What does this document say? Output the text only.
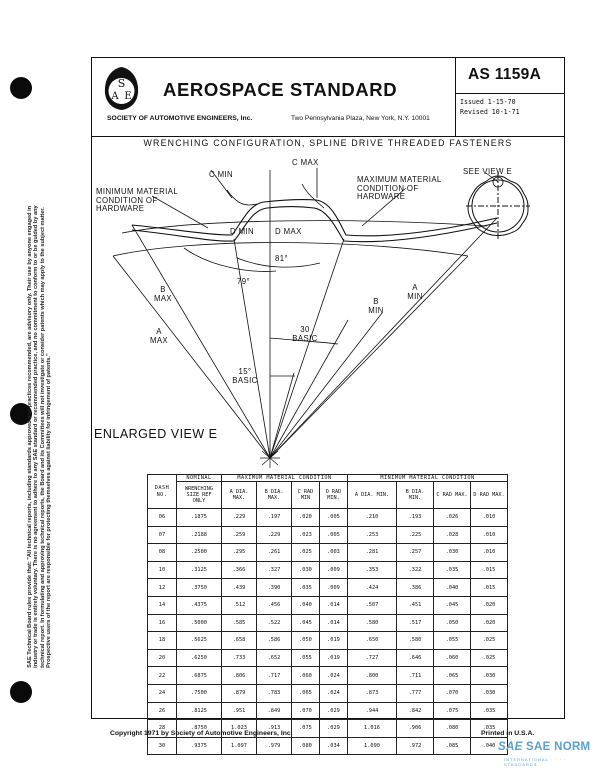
SAE Technical Board rules provide that: "All technical reports, including standards approved and practices recommended, are advisory only. Their use by anyone engaged in industry or trade is entirely voluntary. There is no agreement to adhere to any SAE standard or recommended practice, and no commitment to conform to or be guided by any technical report. In formulating and approving technical reports, the Board and its Committees will not investigate or consider patents which may apply to the subject matter. Prospective users of the report are responsible for protecting themselves against liability for infringement of patents."
S
A E AEROSPACE STANDARD
SOCIETY OF AUTOMOTIVE ENGINEERS, Inc.	Two Pennsylvania Plaza, New York, N.Y. 10001
AS 1159A
Issued 1-15-70
Revised 10-1-71
WRENCHING CONFIGURATION, SPLINE DRIVE THREADED FASTENERS
C MAX
C MIN	SEE VIEW E
MINIMUM MATERIAL CONDITION OF HARDWARE
MAXIMUM MATERIAL CONDITION OF HARDWARE
D MIN	D MAX
81°
79°
B MAX	B MIN
A MAX
A MIN
30 BASIC
15° BASIC
ENLARGED VIEW E
DASH NO.	NOMINAL	MAXIMUM MATERIAL CONDITION				MINIMUM MATERIAL CONDITION			
	WRENCHING SIZE REF ONLY	A DIA. MAX.	B DIA. MAX.	C RAD MIN	D RAD MIN.	A DIA. MIN.	B DIA. MIN.	C RAD MAX.	D RAD MAX.
06	.1875	.229	.197	.020	.005	.210	.193	.026	.010
07	.2188	.259	.229	.023	.005	.253	.225	.028	.010
08	.2500	.295	.261	.025	.003	.281	.257	.030	.010
10	.3125	.366	.327	.030	.009	.353	.322	.035	.015
12	.3750	.439	.390	.035	.009	.424	.386	.040	.015
14	.4375	.512	.456	.040	.014	.507	.451	.045	.020
16	.5000	.585	.522	.045	.014	.580	.517	.050	.020
18	.5625	.658	.586	.050	.019	.650	.580	.055	.025
20	.6250	.733	.652	.055	.019	.727	.646	.060	.025
22	.6875	.806	.717	.060	.024	.800	.711	.065	.030
24	.7500	.879	.783	.065	.024	.873	.777	.070	.030
26	.8125	.951	.849	.070	.029	.944	.842	.075	.035
28	.8750	1.023	.913	.075	.029	1.016	.906	.080	.035
30	.9375	1.097	.979	.080	.034	1.090	.972	.085	.040
Copyright 1971 by Society of Automotive Engineers, Inc.	Printed in U.S.A.
SAE SAE NORM
INTERNATIONAL · · · · STANDARDS
